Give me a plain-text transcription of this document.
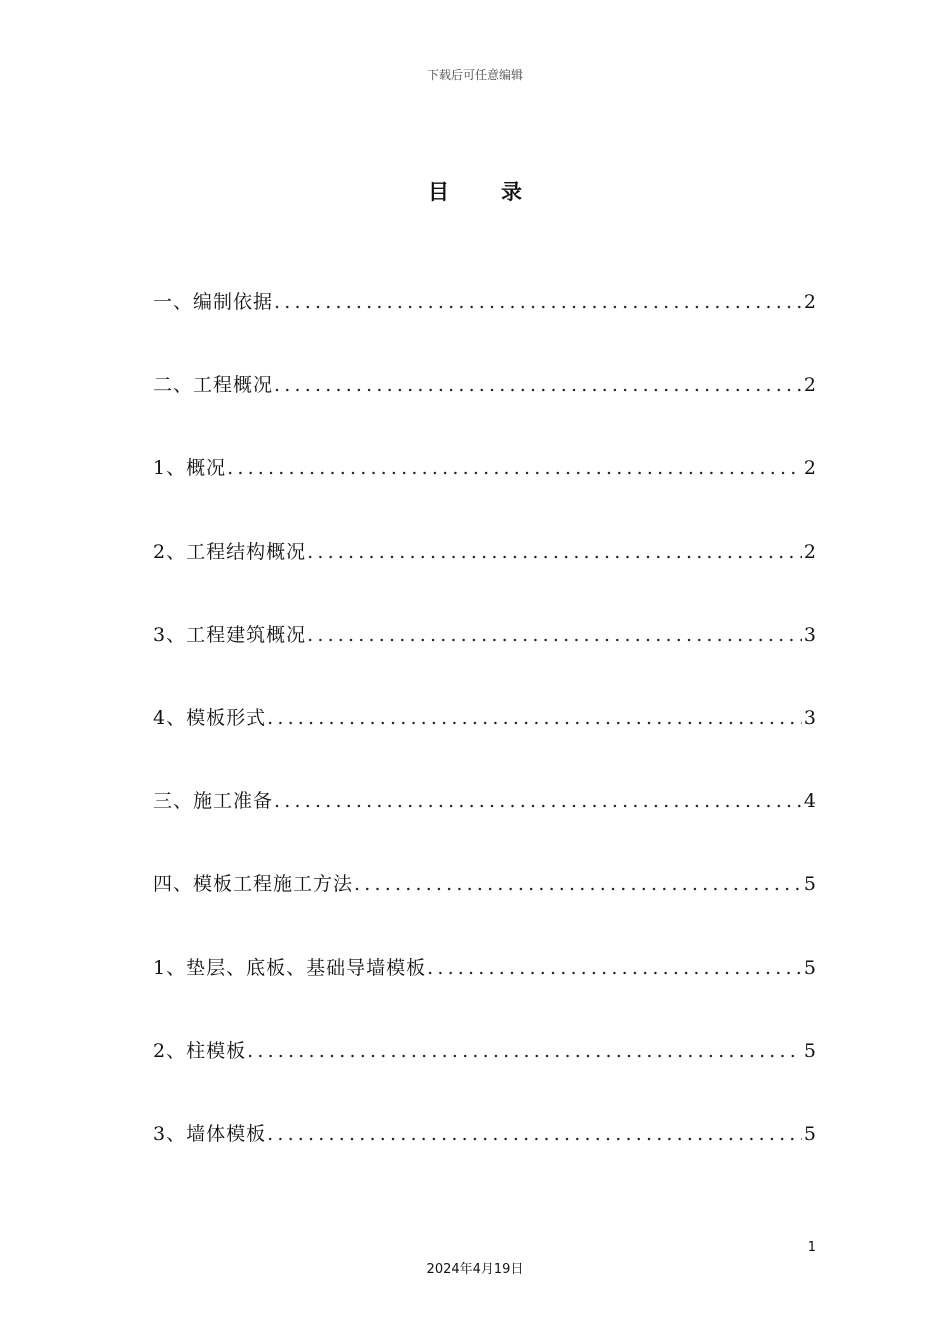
下载后可任意编辑
目录
一、编制依据 .....	2
二、工程概况 .....	2
1、概况 .....	2
2、工程结构概况 .....	2
3、工程建筑概况 .....	3
4、模板形式 .....	3
三、施工准备 .....	4
四、模板工程施工方法 .....	5
1、垫层、底板、基础导墙模板 .....	5
2、柱模板 .....	5
3、墙体模板 .....	5
1
2024年4月19日
